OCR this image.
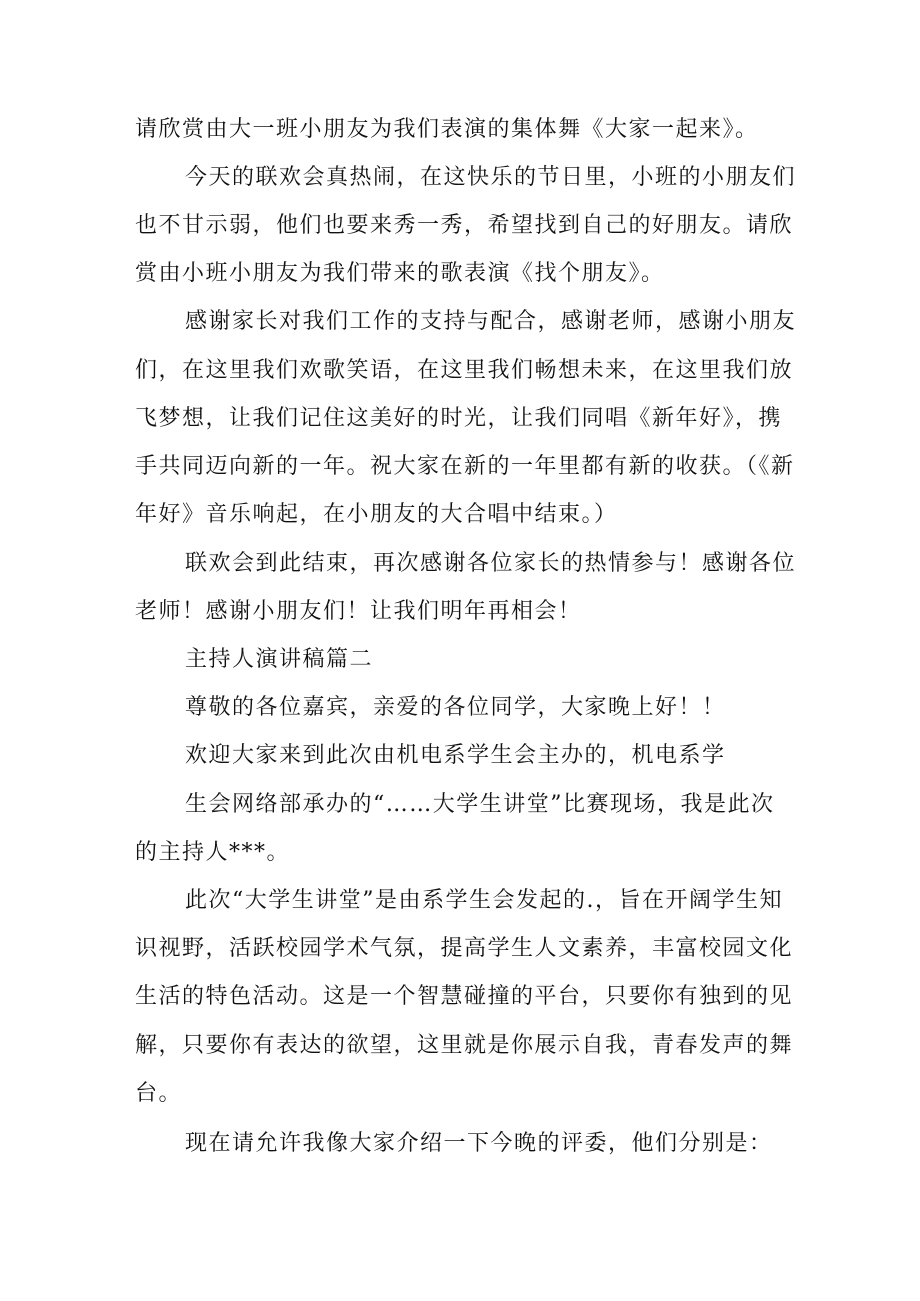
请欣赏由大一班小朋友为我们表演的集体舞《大家一起来》。

今天的联欢会真热闹，在这快乐的节日里，小班的小朋友们

也不甘示弱，他们也要来秀一秀，希望找到自己的好朋友。请欣

赏由小班小朋友为我们带来的歌表演《找个朋友》。

感谢家长对我们工作的支持与配合，感谢老师，感谢小朋友

们，在这里我们欢歌笑语，在这里我们畅想未来，在这里我们放

飞梦想，让我们记住这美好的时光，让我们同唱《新年好》，携

手共同迈向新的一年。祝大家在新的一年里都有新的收获。（《新

年好》音乐响起，在小朋友的大合唱中结束。）

联欢会到此结束，再次感谢各位家长的热情参与！感谢各位

老师！感谢小朋友们！让我们明年再相会！

主持人演讲稿篇二

尊敬的各位嘉宾，亲爱的各位同学，大家晚上好！！

欢迎大家来到此次由机电系学生会主办的，机电系学

生会网络部承办的“……大学生讲堂”比赛现场，我是此次

的主持人***。

此次“大学生讲堂”是由系学生会发起的.，旨在开阔学生知

识视野，活跃校园学术气氛，提高学生人文素养，丰富校园文化

生活的特色活动。这是一个智慧碰撞的平台，只要你有独到的见

解，只要你有表达的欲望，这里就是你展示自我，青春发声的舞

台。

现在请允许我像大家介绍一下今晚的评委，他们分别是：
